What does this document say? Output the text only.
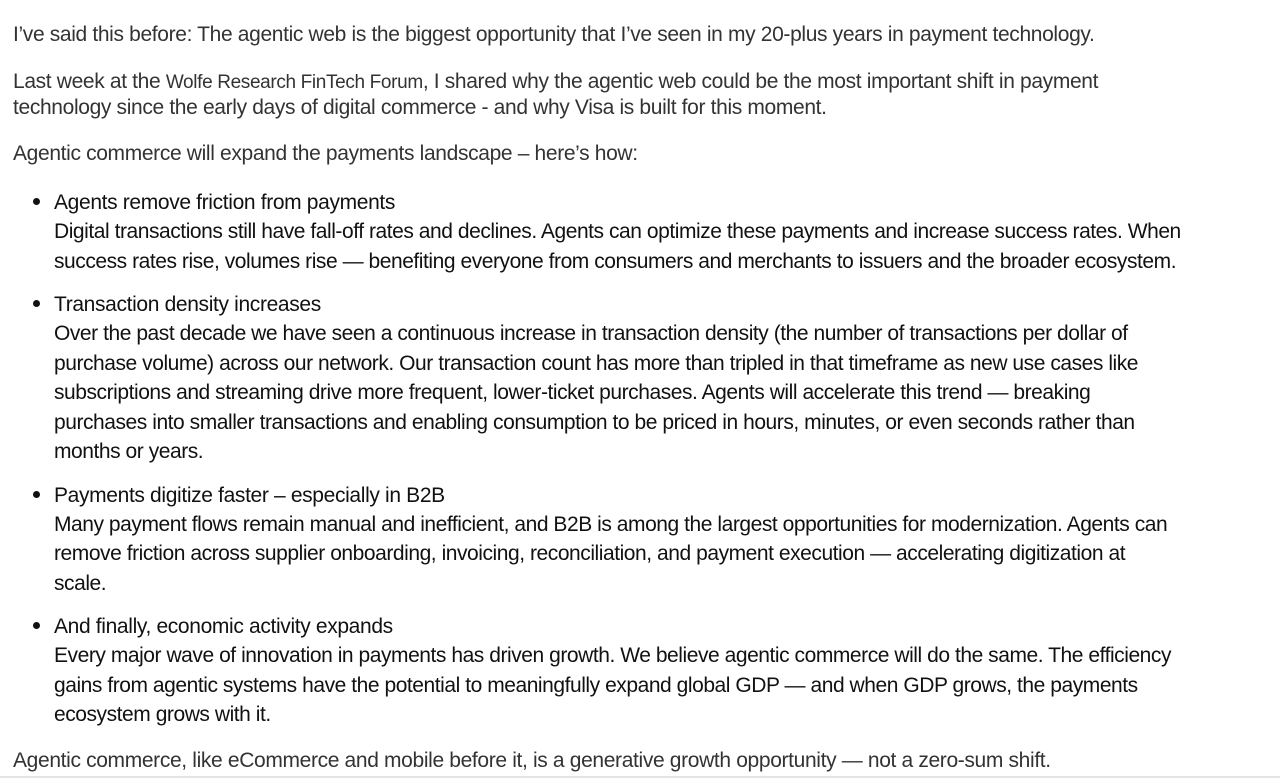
I’ve said this before: The agentic web is the biggest opportunity that I’ve seen in my 20-plus years in payment technology.

Last week at the Wolfe Research FinTech Forum, I shared why the agentic web could be the most important shift in payment
technology since the early days of digital commerce - and why Visa is built for this moment.

Agentic commerce will expand the payments landscape – here’s how:

Agents remove friction from payments
Digital transactions still have fall-off rates and declines. Agents can optimize these payments and increase success rates. When
success rates rise, volumes rise — benefiting everyone from consumers and merchants to issuers and the broader ecosystem.
Transaction density increases
Over the past decade we have seen a continuous increase in transaction density (the number of transactions per dollar of
purchase volume) across our network. Our transaction count has more than tripled in that timeframe as new use cases like
subscriptions and streaming drive more frequent, lower-ticket purchases. Agents will accelerate this trend — breaking
purchases into smaller transactions and enabling consumption to be priced in hours, minutes, or even seconds rather than
months or years.
Payments digitize faster – especially in B2B
Many payment flows remain manual and inefficient, and B2B is among the largest opportunities for modernization. Agents can
remove friction across supplier onboarding, invoicing, reconciliation, and payment execution — accelerating digitization at
scale.
And finally, economic activity expands
Every major wave of innovation in payments has driven growth. We believe agentic commerce will do the same. The efficiency
gains from agentic systems have the potential to meaningfully expand global GDP — and when GDP grows, the payments
ecosystem grows with it.

Agentic commerce, like eCommerce and mobile before it, is a generative growth opportunity — not a zero-sum shift.
